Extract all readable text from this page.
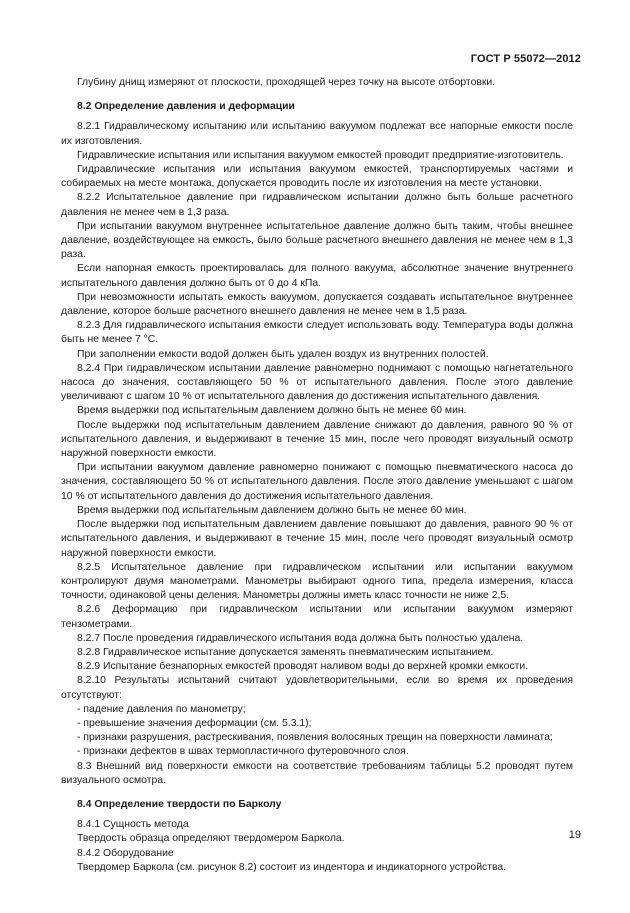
ГОСТ Р 55072—2012

Глубину днищ измеряют от плоскости, проходящей через точку на высоте отбортовки.

8.2 Определение давления и деформации

8.2.1 Гидравлическому испытанию или испытанию вакуумом подлежат все напорные емкости после их изготовления.

Гидравлические испытания или испытания вакуумом емкостей проводит предприятие-изготовитель.

Гидравлические испытания или испытания вакуумом емкостей, транспортируемых частями и собираемых на месте монтажа, допускается проводить после их изготовления на месте установки.

8.2.2 Испытательное давление при гидравлическом испытании должно быть больше расчетного давления не менее чем в 1,3 раза.

При испытании вакуумом внутреннее испытательное давление должно быть таким, чтобы внешнее давление, воздействующее на емкость, было больше расчетного внешнего давления не менее чем в 1,3 раза.

Если напорная емкость проектировалась для полного вакуума, абсолютное значение внутреннего испытательного давления должно быть от 0 до 4 кПа.

При невозможности испытать емкость вакуумом, допускается создавать испытательное внутреннее давление, которое больше расчетного внешнего давления не менее чем в 1,5 раза.

8.2.3 Для гидравлического испытания емкости следует использовать воду. Температура воды должна быть не менее 7 °С.

При заполнении емкости водой должен быть удален воздух из внутренних полостей.

8.2.4 При гидравлическом испытании давление равномерно поднимают с помощью нагнетательного насоса до значения, составляющего 50 % от испытательного давления. После этого давление увеличивают с шагом 10 % от испытательного давления до достижения испытательного давления.

Время выдержки под испытательным давлением должно быть не менее 60 мин.

После выдержки под испытательным давлением давление снижают до давления, равного 90 % от испытательного давления, и выдерживают в течение 15 мин, после чего проводят визуальный осмотр наружной поверхности емкости.

При испытании вакуумом давление равномерно понижают с помощью пневматического насоса до значения, составляющего 50 % от испытательного давления. После этого давление уменьшают с шагом 10 % от испытательного давления до достижения испытательного давления.

Время выдержки под испытательным давлением должно быть не менее 60 мин.

После выдержки под испытательным давлением давление повышают до давления, равного 90 % от испытательного давления, и выдерживают в течение 15 мин, после чего проводят визуальный осмотр наружной поверхности емкости.

8.2.5 Испытательное давление при гидравлическом испытании или испытании вакуумом контролируют двумя манометрами. Манометры выбирают одного типа, предела измерения, класса точности, одинаковой цены деления. Манометры должны иметь класс точности не ниже 2,5.

8.2.6 Деформацию при гидравлическом испытании или испытании вакуумом измеряют тензометрами.

8.2.7 После проведения гидравлического испытания вода должна быть полностью удалена.

8.2.8 Гидравлическое испытание допускается заменять пневматическим испытанием.

8.2.9 Испытание безнапорных емкостей проводят наливом воды до верхней кромки емкости.

8.2.10 Результаты испытаний считают удовлетворительными, если во время их проведения отсутствуют:

- падение давления по манометру;

- превышение значения деформации (см. 5.3.1);

- признаки разрушения, растрескивания, появления волосяных трещин на поверхности ламината;

- признаки дефектов в швах термопластичного футеровочного слоя.

8.3 Внешний вид поверхности емкости на соответствие требованиям таблицы 5.2 проводят путем визуального осмотра.

8.4 Определение твердости по Барколу

8.4.1 Сущность метода

Твердость образца определяют твердомером Баркола.

8.4.2 Оборудование

Твердомер Баркола (см. рисунок 8.2) состоит из индентора и индикаторного устройства.

19
